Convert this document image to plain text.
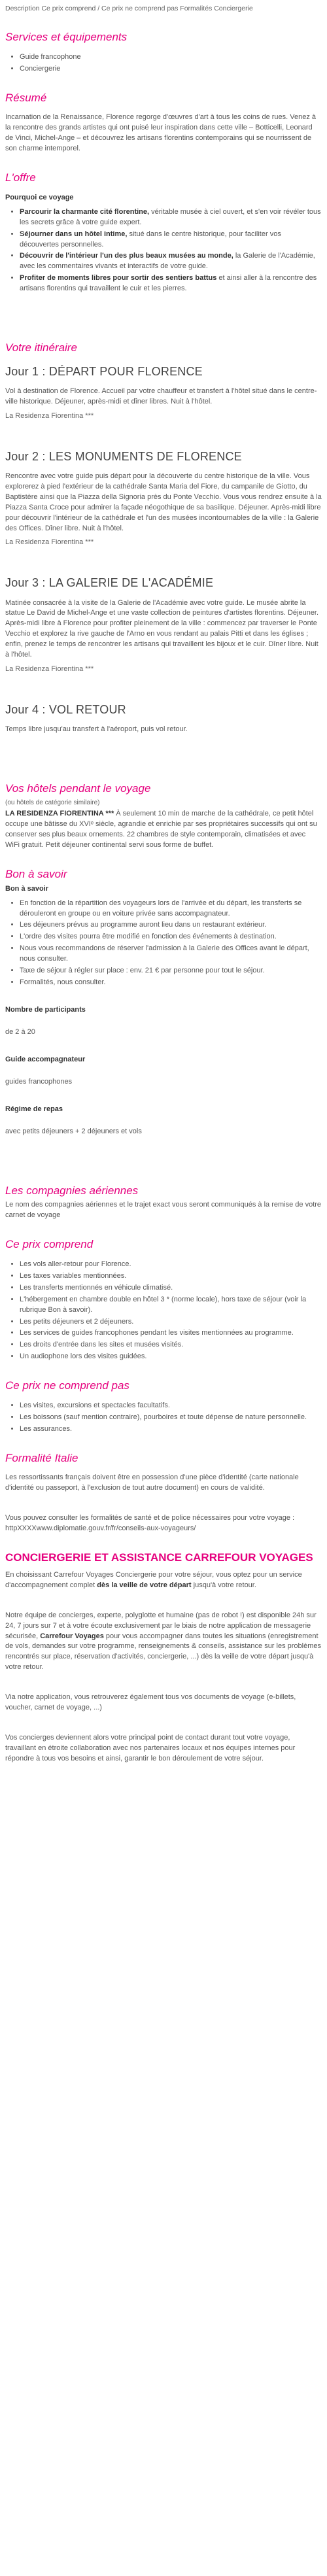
Description Ce prix comprend / Ce prix ne comprend pas Formalités Conciergerie
Services et équipements
• Guide francophone
• Conciergerie
Résumé

Incarnation de la Renaissance, Florence regorge d'œuvres d'art à tous les coins de rues. Venez à la rencontre des grands artistes qui ont puisé leur inspiration dans cette ville – Botticelli, Leonard de Vinci, Michel-Ange – et découvrez les artisans florentins contemporains qui se nourrissent de son charme intemporel.

L'offre

Pourquoi ce voyage

• Parcourir la charmante cité florentine, véritable musée à ciel ouvert, et s'en voir révéler tous les secrets grâce à votre guide expert.
• Séjourner dans un hôtel intime, situé dans le centre historique, pour faciliter vos découvertes personnelles.
• Découvrir de l'intérieur l'un des plus beaux musées au monde, la Galerie de l'Académie, avec les commentaires vivants et interactifs de votre guide.
• Profiter de moments libres pour sortir des sentiers battus et ainsi aller à la rencontre des artisans florentins qui travaillent le cuir et les pierres.
Votre itinéraire
Jour 1 : DÉPART POUR FLORENCE

Vol à destination de Florence. Accueil par votre chauffeur et transfert à l'hôtel situé dans le centre-ville historique. Déjeuner, après-midi et dîner libres. Nuit à l'hôtel.

La Residenza Fiorentina ***

Jour 2 : LES MONUMENTS DE FLORENCE

Rencontre avec votre guide puis départ pour la découverte du centre historique de la ville. Vous explorerez à pied l'extérieur de la cathédrale Santa Maria del Fiore, du campanile de Giotto, du Baptistère ainsi que la Piazza della Signoria près du Ponte Vecchio. Vous vous rendrez ensuite à la Piazza Santa Croce pour admirer la façade néogothique de sa basilique. Déjeuner. Après-midi libre pour découvrir l'intérieur de la cathédrale et l'un des musées incontournables de la ville : la Galerie des Offices. Dîner libre. Nuit à l'hôtel.

La Residenza Fiorentina ***

Jour 3 : LA GALERIE DE L'ACADÉMIE

Matinée consacrée à la visite de la Galerie de l'Académie avec votre guide. Le musée abrite la statue Le David de Michel-Ange et une vaste collection de peintures d'artistes florentins. Déjeuner. Après-midi libre à Florence pour profiter pleinement de la ville : commencez par traverser le Ponte Vecchio et explorez la rive gauche de l'Arno en vous rendant au palais Pitti et dans les églises ; enfin, prenez le temps de rencontrer les artisans qui travaillent les bijoux et le cuir. Dîner libre. Nuit à l'hôtel.

La Residenza Fiorentina ***

Jour 4 : VOL RETOUR

Temps libre jusqu'au transfert à l'aéroport, puis vol retour.

Vos hôtels pendant le voyage
(ou hôtels de catégorie similaire)

LA RESIDENZA FIORENTINA *** À seulement 10 min de marche de la cathédrale, ce petit hôtel occupe une bâtisse du XVIᵉ siècle, agrandie et enrichie par ses propriétaires successifs qui ont su conserver ses plus beaux ornements. 22 chambres de style contemporain, climatisées et avec WiFi gratuit. Petit déjeuner continental servi sous forme de buffet.

Bon à savoir

Bon à savoir

• En fonction de la répartition des voyageurs lors de l'arrivée et du départ, les transferts se dérouleront en groupe ou en voiture privée sans accompagnateur.
• Les déjeuners prévus au programme auront lieu dans un restaurant extérieur.
• L'ordre des visites pourra être modifié en fonction des événements à destination.
• Nous vous recommandons de réserver l'admission à la Galerie des Offices avant le départ, nous consulter.
• Taxe de séjour à régler sur place : env. 21 € par personne pour tout le séjour.
• Formalités, nous consulter.

Nombre de participants

de 2 à 20

Guide accompagnateur

guides francophones

Régime de repas

avec petits déjeuners + 2 déjeuners et vols

Les compagnies aériennes

Le nom des compagnies aériennes et le trajet exact vous seront communiqués à la remise de votre carnet de voyage

Ce prix comprend
• Les vols aller-retour pour Florence.
• Les taxes variables mentionnées.
• Les transferts mentionnés en véhicule climatisé.
• L'hébergement en chambre double en hôtel 3 * (norme locale), hors taxe de séjour (voir la rubrique Bon à savoir).
• Les petits déjeuners et 2 déjeuners.
• Les services de guides francophones pendant les visites mentionnées au programme.
• Les droits d'entrée dans les sites et musées visités.
• Un audiophone lors des visites guidées.
Ce prix ne comprend pas
• Les visites, excursions et spectacles facultatifs.
• Les boissons (sauf mention contraire), pourboires et toute dépense de nature personnelle.
• Les assurances.
Formalité Italie

Les ressortissants français doivent être en possession d'une pièce d'identité (carte nationale d'identité ou passeport, à l'exclusion de tout autre document) en cours de validité.

Vous pouvez consulter les formalités de santé et de police nécessaires pour votre voyage : httpXXXXwww.diplomatie.gouv.fr/fr/conseils-aux-voyageurs/

CONCIERGERIE ET ASSISTANCE CARREFOUR VOYAGES

En choisissant Carrefour Voyages Conciergerie pour votre séjour, vous optez pour un service d'accompagnement complet dès la veille de votre départ jusqu'à votre retour.

Notre équipe de concierges, experte, polyglotte et humaine (pas de robot !) est disponible 24h sur 24, 7 jours sur 7 et à votre écoute exclusivement par le biais de notre application de messagerie sécurisée, Carrefour Voyages pour vous accompagner dans toutes les situations (enregistrement de vols, demandes sur votre programme, renseignements & conseils, assistance sur les problèmes rencontrés sur place, réservation d'activités, conciergerie, ...) dès la veille de votre départ jusqu'à votre retour.

Via notre application, vous retrouverez également tous vos documents de voyage (e-billets, voucher, carnet de voyage, ...)

Vos concierges deviennent alors votre principal point de contact durant tout votre voyage, travaillant en étroite collaboration avec nos partenaires locaux et nos équipes internes pour répondre à tous vos besoins et ainsi, garantir le bon déroulement de votre séjour.
